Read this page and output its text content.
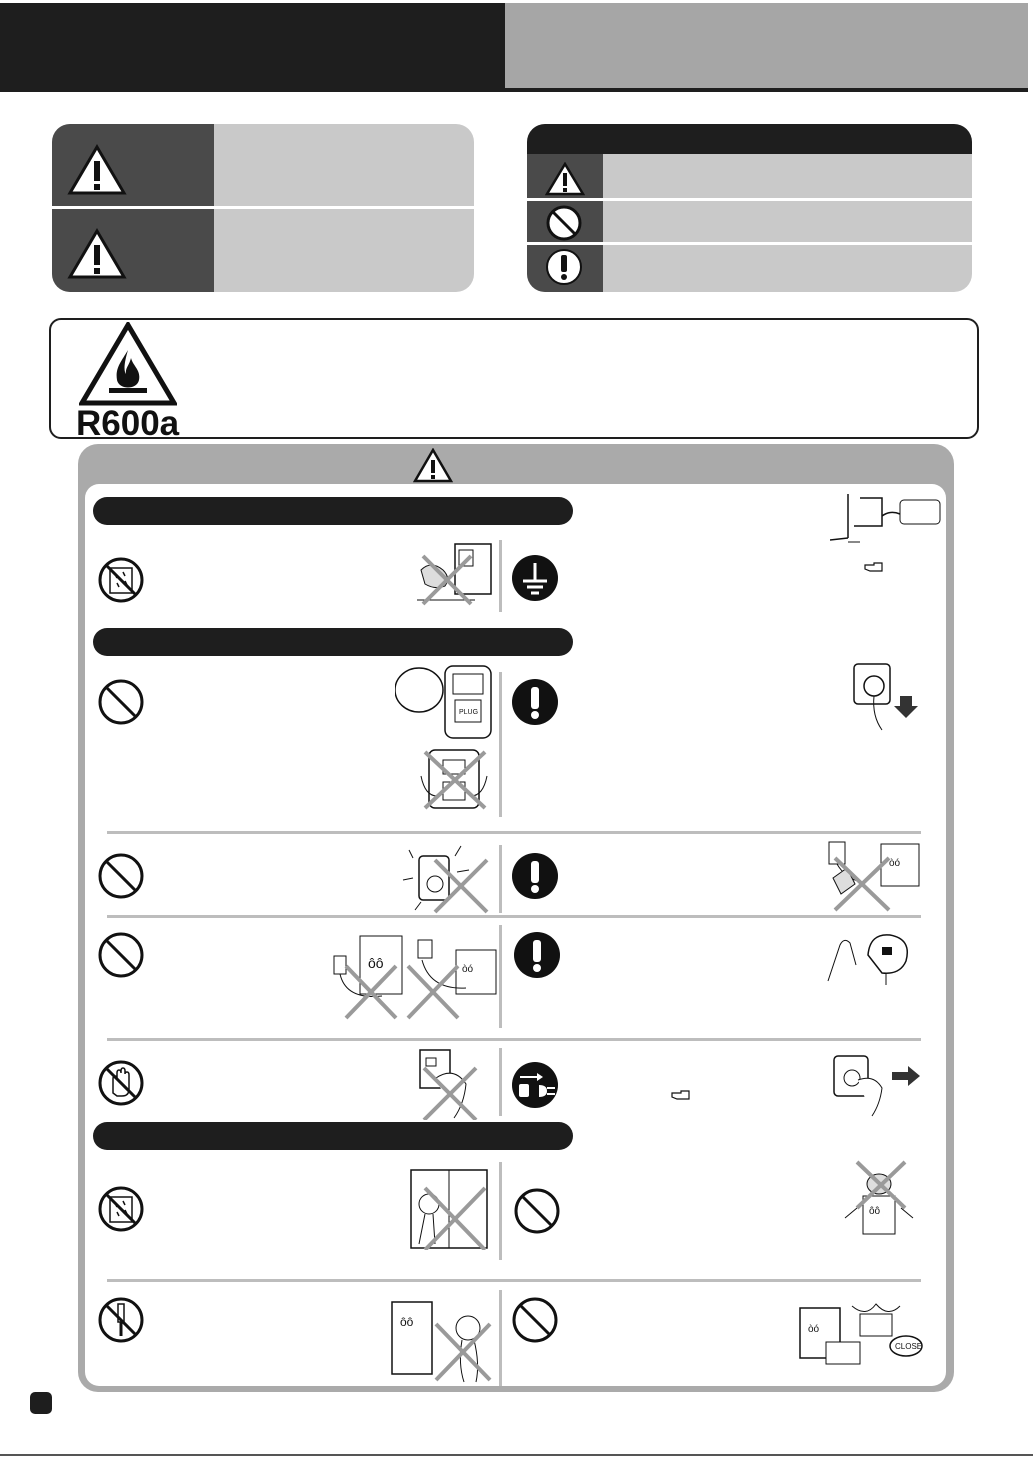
R600a
PLUG
òó
ôô	òó
ôô
ôô
òó
CLOSE
